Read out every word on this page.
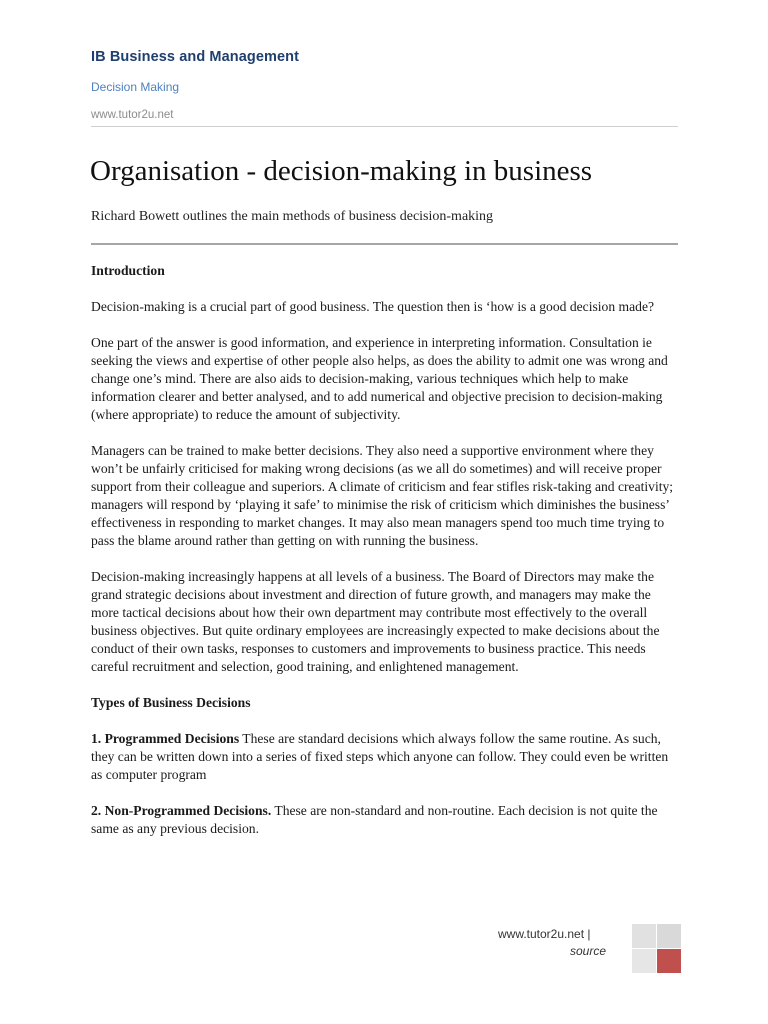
IB Business and Management
Decision Making
www.tutor2u.net
Organisation - decision-making in business
Richard Bowett outlines the main methods of business decision-making
Introduction

Decision-making is a crucial part of good business. The question then is ‘how is a good decision made?

One part of the answer is good information, and experience in interpreting information. Consultation ie seeking the views and expertise of other people also helps, as does the ability to admit one was wrong and change one’s mind. There are also aids to decision-making, various techniques which help to make information clearer and better analysed, and to add numerical and objective precision to decision-making (where appropriate) to reduce the amount of subjectivity.

Managers can be trained to make better decisions. They also need a supportive environment where they won’t be unfairly criticised for making wrong decisions (as we all do sometimes) and will receive proper support from their colleague and superiors. A climate of criticism and fear stifles risk-taking and creativity; managers will respond by ‘playing it safe’ to minimise the risk of criticism which diminishes the business’ effectiveness in responding to market changes. It may also mean managers spend too much time trying to pass the blame around rather than getting on with running the business.

Decision-making increasingly happens at all levels of a business. The Board of Directors may make the grand strategic decisions about investment and direction of future growth, and managers may make the more tactical decisions about how their own department may contribute most effectively to the overall business objectives. But quite ordinary employees are increasingly expected to make decisions about the conduct of their own tasks, responses to customers and improvements to business practice. This needs careful recruitment and selection, good training, and enlightened management.

Types of Business Decisions

1. Programmed Decisions These are standard decisions which always follow the same routine. As such, they can be written down into a series of fixed steps which anyone can follow. They could even be written as computer program

2. Non-Programmed Decisions. These are non-standard and non-routine. Each decision is not quite the same as any previous decision.

www.tutor2u.net |
source
